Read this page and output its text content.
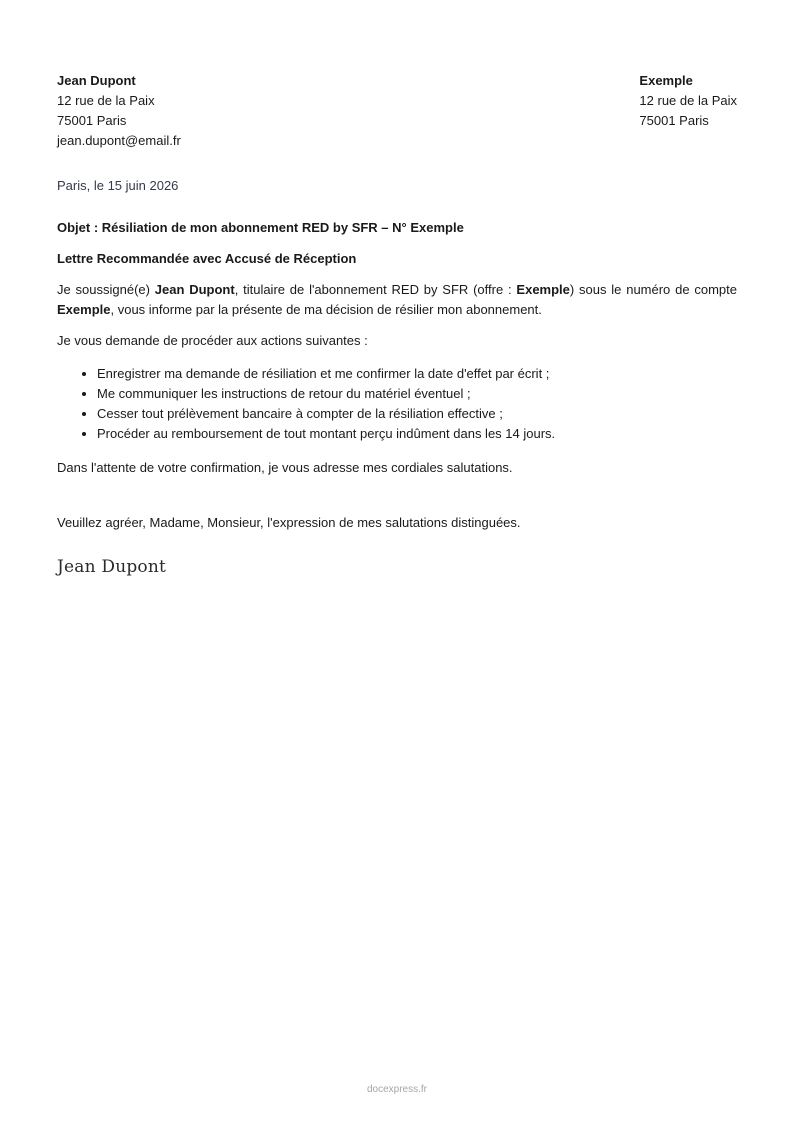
Jean Dupont
12 rue de la Paix
75001 Paris
jean.dupont@email.fr
Exemple
12 rue de la Paix
75001 Paris
Paris, le 15 juin 2026
Objet : Résiliation de mon abonnement RED by SFR – N° Exemple
Lettre Recommandée avec Accusé de Réception

Je soussigné(e) Jean Dupont, titulaire de l'abonnement RED by SFR (offre : Exemple) sous le numéro de compte Exemple, vous informe par la présente de ma décision de résilier mon abonnement.

Je vous demande de procéder aux actions suivantes :

• Enregistrer ma demande de résiliation et me confirmer la date d'effet par écrit ;
• Me communiquer les instructions de retour du matériel éventuel ;
• Cesser tout prélèvement bancaire à compter de la résiliation effective ;
• Procéder au remboursement de tout montant perçu indûment dans les 14 jours.

Dans l'attente de votre confirmation, je vous adresse mes cordiales salutations.

Veuillez agréer, Madame, Monsieur, l'expression de mes salutations distinguées.

Jean Dupont
docexpress.fr
